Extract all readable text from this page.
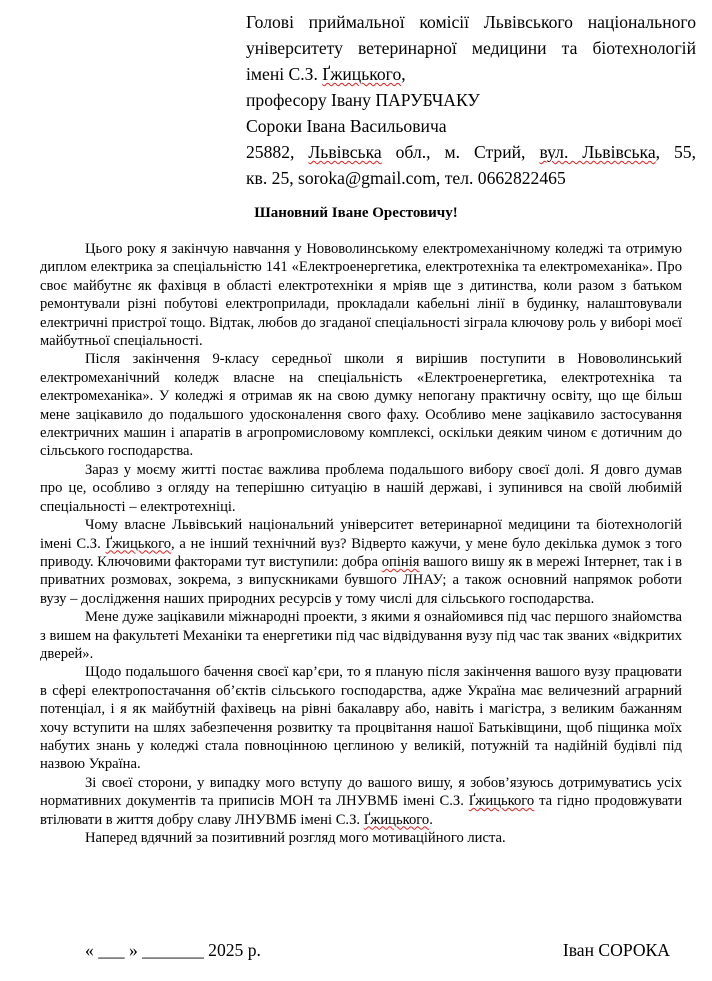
Голові приймальної комісії Львівського національного
університету ветеринарної медицини та біотехнологій
імені С.З. Ґжицького,
професору Івану ПАРУБЧАКУ
Сороки Івана Васильовича
25882, Львівська обл., м. Стрий, вул. Львівська, 55,
кв. 25, soroka@gmail.com, тел. 0662822465
Шановний Іване Орестовичу!

Цього року я закінчую навчання у Нововолинському електромеханічному коледжі та отримую диплом електрика за спеціальністю 141 «Електроенергетика, електротехніка та електромеханіка». Про своє майбутнє як фахівця в області електротехніки я мріяв ще з дитинства, коли разом з батьком ремонтували різні побутові електроприлади, прокладали кабельні лінії в будинку, налаштовували електричні пристрої тощо. Відтак, любов до згаданої спеціальності зіграла ключову роль у виборі моєї майбутньої спеціальності.

Після закінчення 9-класу середньої школи я вирішив поступити в Нововолинський електромеханічний коледж власне на спеціальність «Електроенергетика, електротехніка та електромеханіка». У коледжі я отримав як на свою думку непогану практичну освіту, що ще більш мене зацікавило до подальшого удосконалення свого фаху. Особливо мене зацікавило застосування електричних машин і апаратів в агропромисловому комплексі, оскільки деяким чином є дотичним до сільського господарства.

Зараз у моєму житті постає важлива проблема подальшого вибору своєї долі. Я довго думав про це, особливо з огляду на теперішню ситуацію в нашій державі, і зупинився на своїй любимій спеціальності – електротехніці.

Чому власне Львівський національний університет ветеринарної медицини та біотехнологій імені С.З. Ґжицького, а не інший технічний вуз? Відверто кажучи, у мене було декілька думок з того приводу. Ключовими факторами тут виступили: добра опінія вашого вишу як в мережі Інтернет, так і в приватних розмовах, зокрема, з випускниками бувшого ЛНАУ; а також основний напрямок роботи вузу – дослідження наших природних ресурсів у тому числі для сільського господарства.

Мене дуже зацікавили міжнародні проекти, з якими я ознайомився під час першого знайомства з вишем на факультеті Механіки та енергетики під час відвідування вузу під час так званих «відкритих дверей».

Щодо подальшого бачення своєї кар’єри, то я планую після закінчення вашого вузу працювати в сфері електропостачання об’єктів сільського господарства, адже Україна має величезний аграрний потенціал, і я як майбутній фахівець на рівні бакалавру або, навіть і магістра, з великим бажанням хочу вступити на шлях забезпечення розвитку та процвітання нашої Батьківщини, щоб піщинка моїх набутих знань у коледжі стала повноцінною цеглиною у великій, потужній та надійній будівлі під назвою Україна.

Зі своєї сторони, у випадку мого вступу до вашого вишу, я зобов’язуюсь дотримуватись усіх нормативних документів та приписів МОН та ЛНУВМБ імені С.З. Ґжицького та гідно продовжувати втілювати в життя добру славу ЛНУВМБ імені С.З. Ґжицького.

Наперед вдячний за позитивний розгляд мого мотиваційного листа.

« ___ » _______ 2025 р.	Іван СОРОКА
